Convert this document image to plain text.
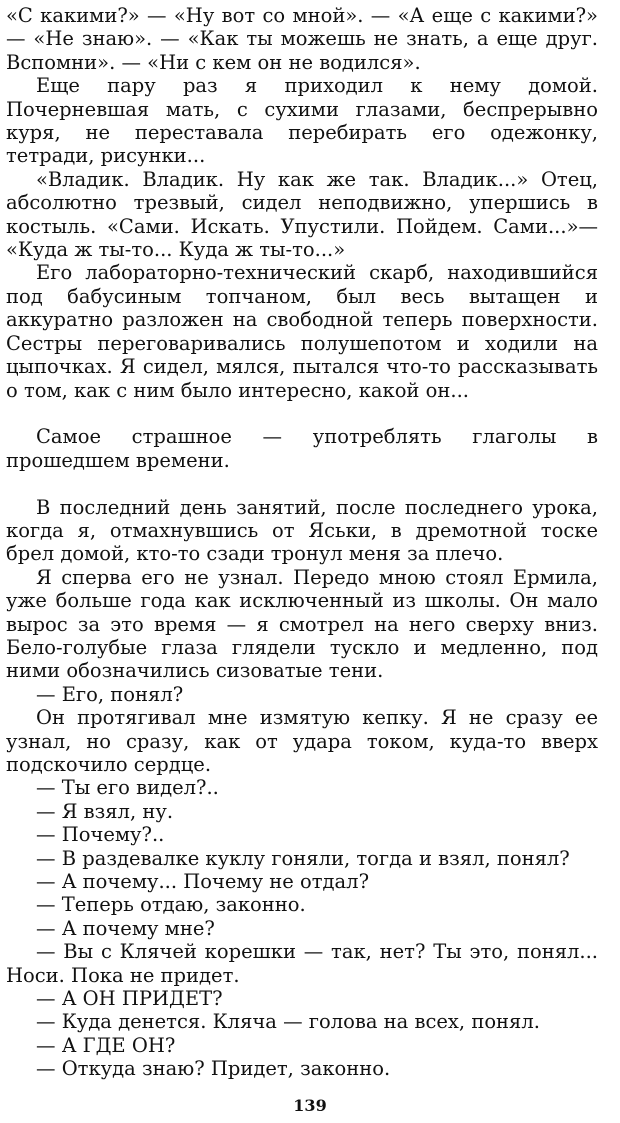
«С какими?» — «Ну вот со мной». — «А еще с какими?» — «Не знаю». — «Как ты можешь не знать, а еще друг. Вспомни». — «Ни с кем он не водился».

Еще пару раз я приходил к нему домой. Почерневшая мать, с сухими глазами, беспрерывно куря, не переставала перебирать его одежонку, тетради, рисунки...

«Владик. Владик. Ну как же так. Владик...» Отец, абсолютно трезвый, сидел неподвижно, упершись в костыль. «Сами. Искать. Упустили. Пойдем. Сами...»— «Куда ж ты-то... Куда ж ты-то...»

Его лабораторно-технический скарб, находившийся под бабусиным топчаном, был весь вытащен и аккуратно разложен на свободной теперь поверхности. Сестры переговаривались полушепотом и ходили на цыпочках. Я сидел, мялся, пытался что-то рассказывать о том, как с ним было интересно, какой он...

Самое страшное — употреблять глаголы в прошедшем времени.

В последний день занятий, после последнего урока, когда я, отмахнувшись от Яськи, в дремотной тоске брел домой, кто-то сзади тронул меня за плечо.

Я сперва его не узнал. Передо мною стоял Ермила, уже больше года как исключенный из школы. Он мало вырос за это время — я смотрел на него сверху вниз. Бело-голубые глаза глядели тускло и медленно, под ними обозначились сизоватые тени.

— Его, понял?

Он протягивал мне измятую кепку. Я не сразу ее узнал, но сразу, как от удара током, куда-то вверх подскочило сердце.

— Ты его видел?..

— Я взял, ну.

— Почему?..

— В раздевалке куклу гоняли, тогда и взял, понял?

— А почему... Почему не отдал?

— Теперь отдаю, законно.

— А почему мне?

— Вы с Клячей корешки — так, нет? Ты это, понял... Носи. Пока не придет.

— А ОН ПРИДЕТ?

— Куда денется. Кляча — голова на всех, понял.

— А ГДЕ ОН?

— Откуда знаю? Придет, законно.

139
